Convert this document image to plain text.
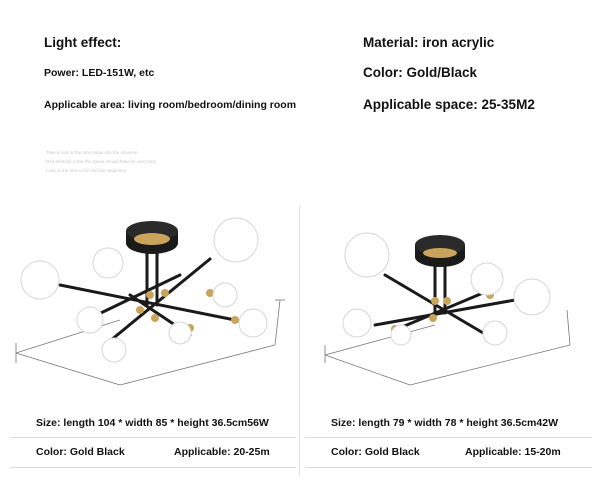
Light effect:
Power: LED-151W, etc
Applicable area: living room/bedroom/dining room
Material: iron acrylic
Color: Gold/Black
Applicable space: 25-35M2
Take a look at the time today into the universe
Red defends a line the space should have its own story
Look at the time to be into the sequence
Size: length 104 * width 85 * height 36.5cm56W
Color: Gold Black	Applicable: 20-25m
Size: length 79 * width 78 * height 36.5cm42W
Color: Gold Black	Applicable: 15-20m
